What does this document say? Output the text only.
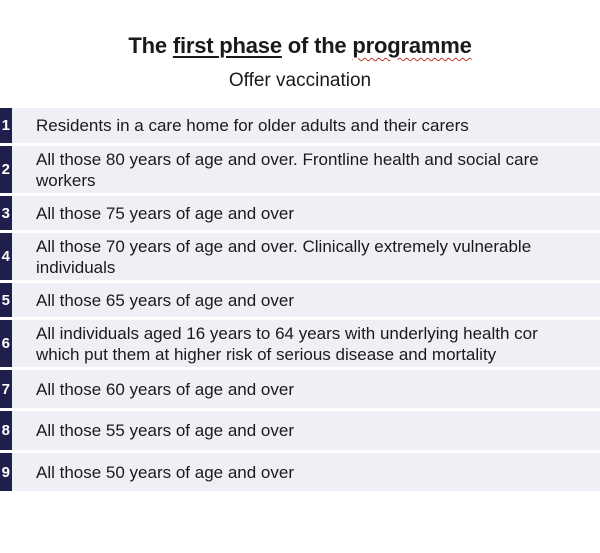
The first phase of the programme
Offer vaccination
1 Residents in a care home for older adults and their carers
2
All those 80 years of age and over. Frontline health and social care
workers
3 All those 75 years of age and over
4
All those 70 years of age and over. Clinically extremely vulnerable
individuals
5 All those 65 years of age and over
6
All individuals aged 16 years to 64 years with underlying health cor
which put them at higher risk of serious disease and mortality
7 All those 60 years of age and over
8 All those 55 years of age and over
9 All those 50 years of age and over
